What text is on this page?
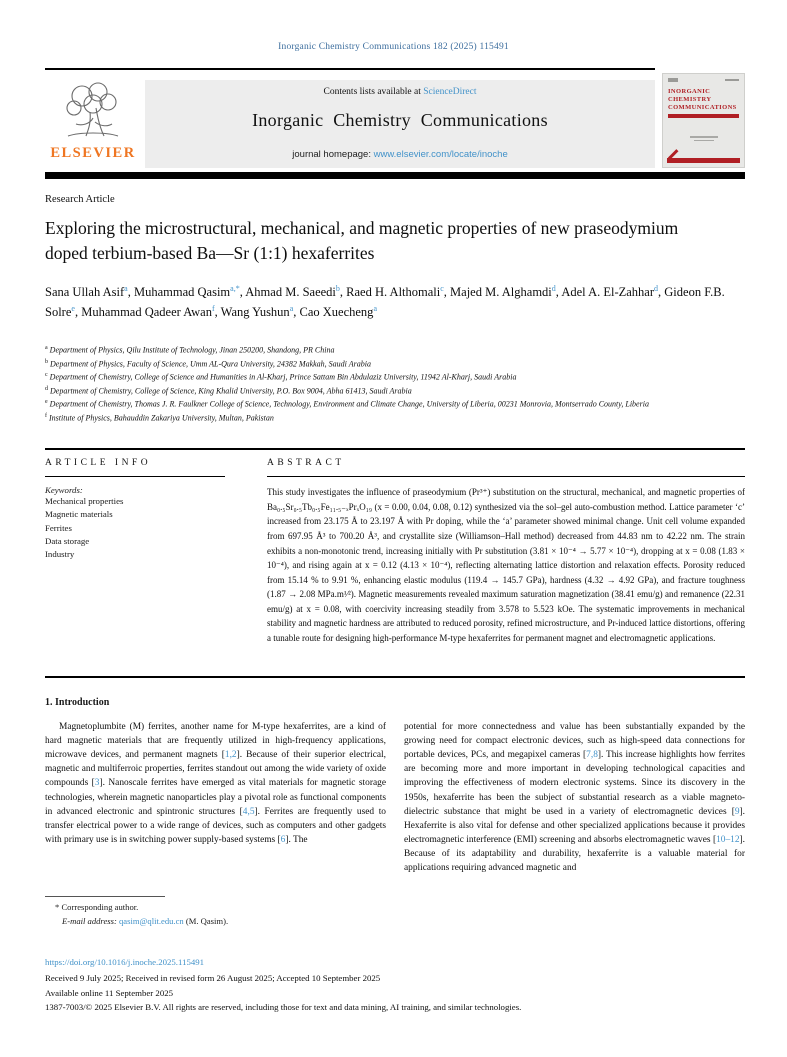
Inorganic Chemistry Communications 182 (2025) 115491
ELSEVIER
Contents lists available at ScienceDirect
Inorganic Chemistry Communications
journal homepage: www.elsevier.com/locate/inoche
INORGANIC
CHEMISTRY
COMMUNICATIONS
Research Article
Exploring the microstructural, mechanical, and magnetic properties of new praseodymium doped terbium-based Ba—Sr (1:1) hexaferrites
Sana Ullah Asif$^a$, Muhammad Qasim$^{a,*}$, Ahmad M. Saeedi$^b$, Raed H. Althomali$^c$, Majed M. Alghamdi$^d$, Adel A. El-Zahhar$^d$, Gideon F.B. Solre$^e$, Muhammad Qadeer Awan$^f$, Wang Yushun$^a$, Cao Xuecheng$^a$
$^a$ Department of Physics, Qilu Institute of Technology, Jinan 250200, Shandong, PR China
$^b$ Department of Physics, Faculty of Science, Umm AL-Qura University, 24382 Makkah, Saudi Arabia
$^c$ Department of Chemistry, College of Science and Humanities in Al-Kharj, Prince Sattam Bin Abdulaziz University, 11942 Al-Kharj, Saudi Arabia
$^d$ Department of Chemistry, College of Science, King Khalid University, P.O. Box 9004, Abha 61413, Saudi Arabia
$^e$ Department of Chemistry, Thomas J. R. Faulkner College of Science, Technology, Environment and Climate Change, University of Liberia, 00231 Monrovia, Montserrado County, Liberia
$^f$ Institute of Physics, Bahauddin Zakariya University, Multan, Pakistan
ARTICLE INFO
Keywords:
Mechanical properties
Magnetic materials
Ferrites
Data storage
Industry
ABSTRACT
This study investigates the influence of praseodymium (Pr³⁺) substitution on the structural, mechanical, and magnetic properties of Ba₀.₅Sr₀.₅Tb₀.₅Fe₁₁.₅₋ₓPrₓO₁₉ (x = 0.00, 0.04, 0.08, 0.12) synthesized via the sol–gel auto-combustion method. Lattice parameter ‘c’ increased from 23.175 Å to 23.197 Å with Pr doping, while the ‘a’ parameter showed minimal change. Unit cell volume expanded from 697.95 Å³ to 700.20 Å³, and crystallite size (Williamson–Hall method) decreased from 44.83 nm to 42.22 nm. The strain exhibits a non-monotonic trend, increasing initially with Pr substitution (3.81 × 10⁻⁴ → 5.77 × 10⁻⁴), dropping at x = 0.08 (1.83 × 10⁻⁴), and rising again at x = 0.12 (4.13 × 10⁻⁴), reflecting alternating lattice distortion and relaxation effects. Porosity reduced from 15.14 % to 9.91 %, enhancing elastic modulus (119.4 → 145.7 GPa), hardness (4.32 → 4.92 GPa), and fracture toughness (1.87 → 2.08 MPa.m¹⁄²). Magnetic measurements revealed maximum saturation magnetization (38.41 emu/g) and remanence (22.31 emu/g) at x = 0.08, with coercivity increasing steadily from 3.578 to 5.523 kOe. The systematic improvements in mechanical stability and magnetic hardness are attributed to reduced porosity, refined microstructure, and Pr-induced lattice distortions, offering a tunable route for designing high-performance M-type hexaferrites for permanent magnet and electromagnetic applications.
1. Introduction

Magnetoplumbite (M) ferrites, another name for M-type hexaferrites, are a kind of hard magnetic materials that are frequently utilized in high-frequency applications, microwave devices, and permanent magnets [1,2]. Because of their superior electrical, magnetic and multiferroic properties, ferrites standout out among the wide variety of oxide compounds [3]. Nanoscale ferrites have emerged as vital materials for magnetic storage technologies, wherein magnetic nanoparticles play a pivotal role as functional components in advanced electronic and spintronic structures [4,5]. Ferrites are frequently used to transfer electrical power to a wide range of devices, such as computers and other gadgets with primary use is in switching power supply-based systems [6]. The

potential for more connectedness and value has been substantially expanded by the growing need for compact electronic devices, such as high-speed data connections for portable devices, PCs, and megapixel cameras [7,8]. This increase highlights how ferrites are becoming more and more important in developing technological capacities and improving the effectiveness of modern electronic systems. Since its discovery in the 1950s, hexaferrite has been the subject of substantial research as a viable magneto-dielectric substance that might be used in a variety of electromagnetic devices [9]. Hexaferrite is also vital for defense and other specialized applications because it provides electromagnetic interference (EMI) screening and absorbs electromagnetic waves [10–12]. Because of its adaptability and durability, hexaferrite is a valuable material for applications requiring advanced magnetic and

* Corresponding author.
E-mail address: qasim@qlit.edu.cn (M. Qasim).
https://doi.org/10.1016/j.inoche.2025.115491
Received 9 July 2025; Received in revised form 26 August 2025; Accepted 10 September 2025
Available online 11 September 2025
1387-7003/© 2025 Elsevier B.V. All rights are reserved, including those for text and data mining, AI training, and similar technologies.
